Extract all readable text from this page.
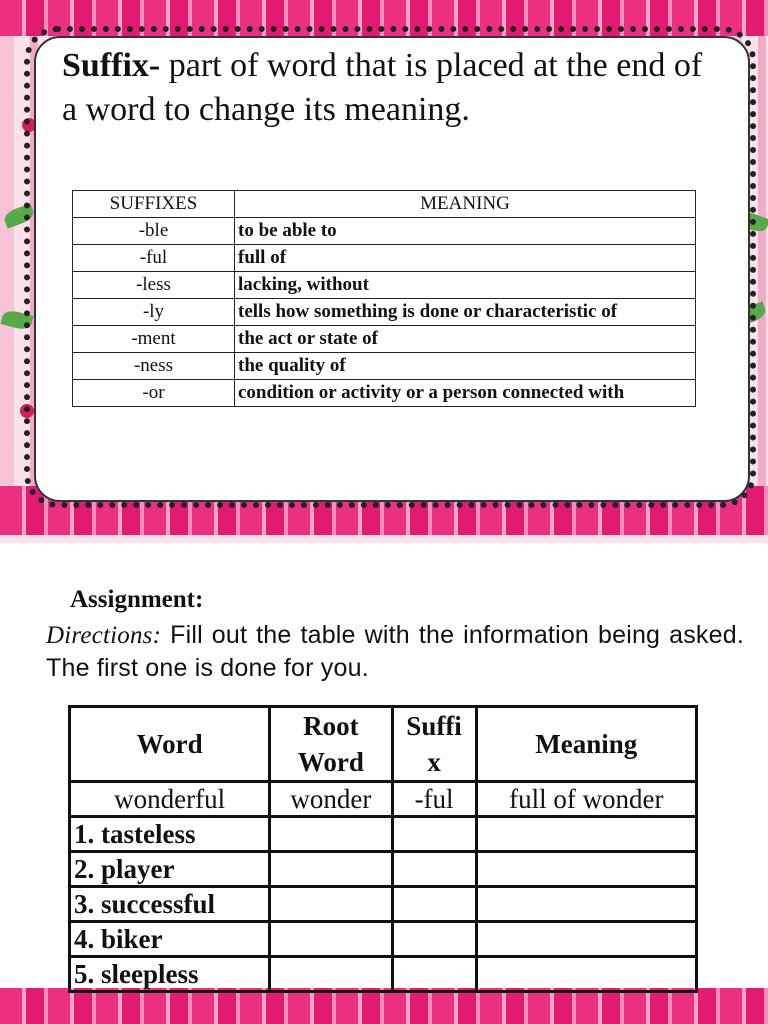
Suffix- part of word that is placed at the end of a word to change its meaning.
SUFFIXES	MEANING
-ble	to be able to
-ful	full of
-less	lacking, without
-ly	tells how something is done or characteristic of
-ment	the act or state of
-ness	the quality of
-or	condition or activity or a person connected with
Assignment:
Directions: Fill out the table with the information being asked. The first one is done for you.
Word	Root Word	Suffi x	Meaning
wonderful	wonder	-ful	full of wonder
1. tasteless			
2. player			
3. successful			
4. biker			
5. sleepless			
